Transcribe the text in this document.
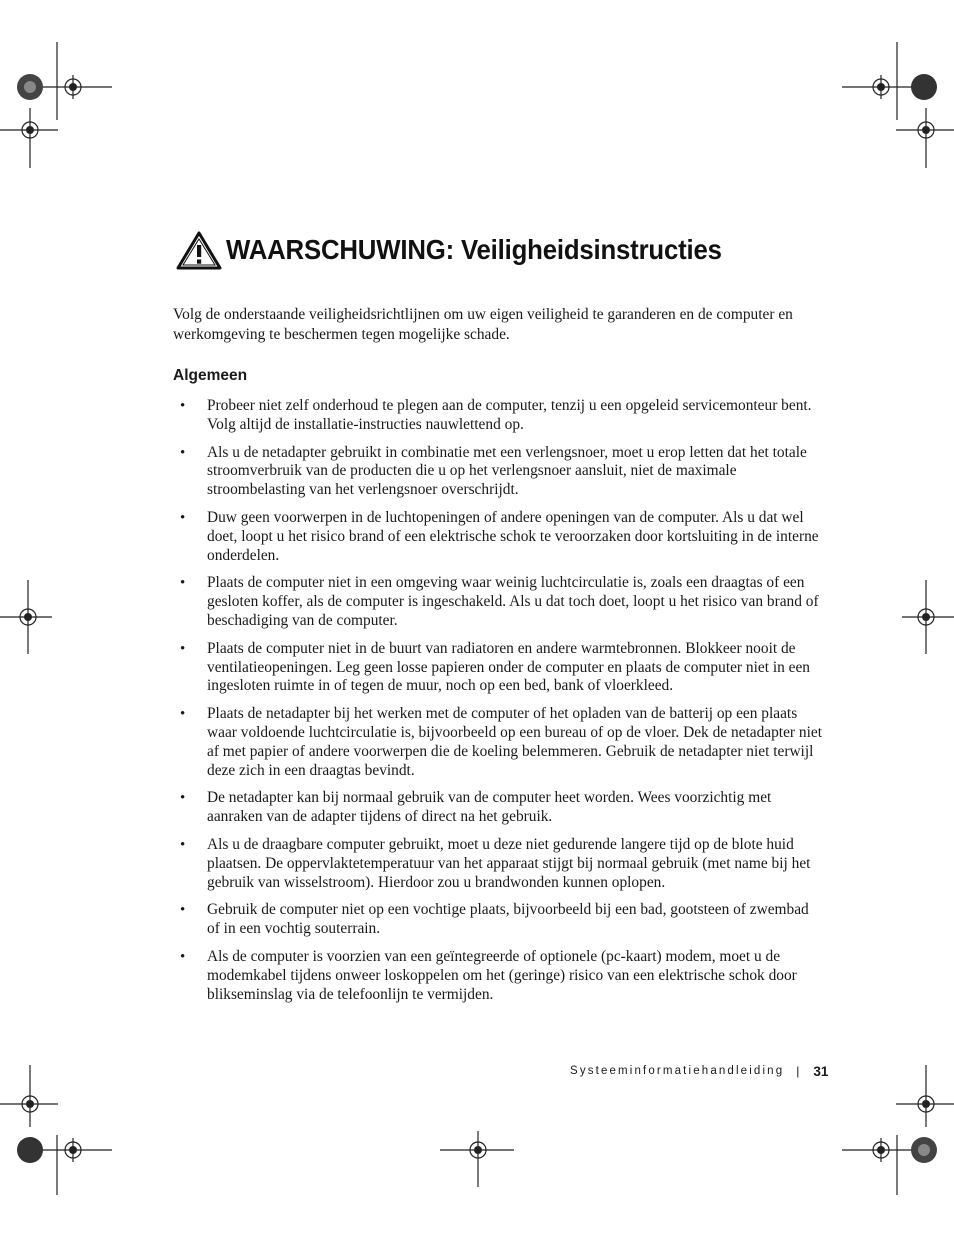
WAARSCHUWING: Veiligheidsinstructies

Volg de onderstaande veiligheidsrichtlijnen om uw eigen veiligheid te garanderen en de computer en werkomgeving te beschermen tegen mogelijke schade.

Algemeen
• Probeer niet zelf onderhoud te plegen aan de computer, tenzij u een opgeleid servicemonteur bent. Volg altijd de installatie-instructies nauwlettend op.
• Als u de netadapter gebruikt in combinatie met een verlengsnoer, moet u erop letten dat het totale stroomverbruik van de producten die u op het verlengsnoer aansluit, niet de maximale stroombelasting van het verlengsnoer overschrijdt.
• Duw geen voorwerpen in de luchtopeningen of andere openingen van de computer. Als u dat wel doet, loopt u het risico brand of een elektrische schok te veroorzaken door kortsluiting in de interne onderdelen.
• Plaats de computer niet in een omgeving waar weinig luchtcirculatie is, zoals een draagtas of een gesloten koffer, als de computer is ingeschakeld. Als u dat toch doet, loopt u het risico van brand of beschadiging van de computer.
• Plaats de computer niet in de buurt van radiatoren en andere warmtebronnen. Blokkeer nooit de ventilatieopeningen. Leg geen losse papieren onder de computer en plaats de computer niet in een ingesloten ruimte in of tegen de muur, noch op een bed, bank of vloerkleed.
• Plaats de netadapter bij het werken met de computer of het opladen van de batterij op een plaats waar voldoende luchtcirculatie is, bijvoorbeeld op een bureau of op de vloer. Dek de netadapter niet af met papier of andere voorwerpen die de koeling belemmeren. Gebruik de netadapter niet terwijl deze zich in een draagtas bevindt.
• De netadapter kan bij normaal gebruik van de computer heet worden. Wees voorzichtig met aanraken van de adapter tijdens of direct na het gebruik.
• Als u de draagbare computer gebruikt, moet u deze niet gedurende langere tijd op de blote huid plaatsen. De oppervlaktetemperatuur van het apparaat stijgt bij normaal gebruik (met name bij het gebruik van wisselstroom). Hierdoor zou u brandwonden kunnen oplopen.
• Gebruik de computer niet op een vochtige plaats, bijvoorbeeld bij een bad, gootsteen of zwembad of in een vochtig souterrain.
• Als de computer is voorzien van een geïntegreerde of optionele (pc-kaart) modem, moet u de modemkabel tijdens onweer loskoppelen om het (geringe) risico van een elektrische schok door blikseminslag via de telefoonlijn te vermijden.
Systeeminformatiehandleiding | 31
